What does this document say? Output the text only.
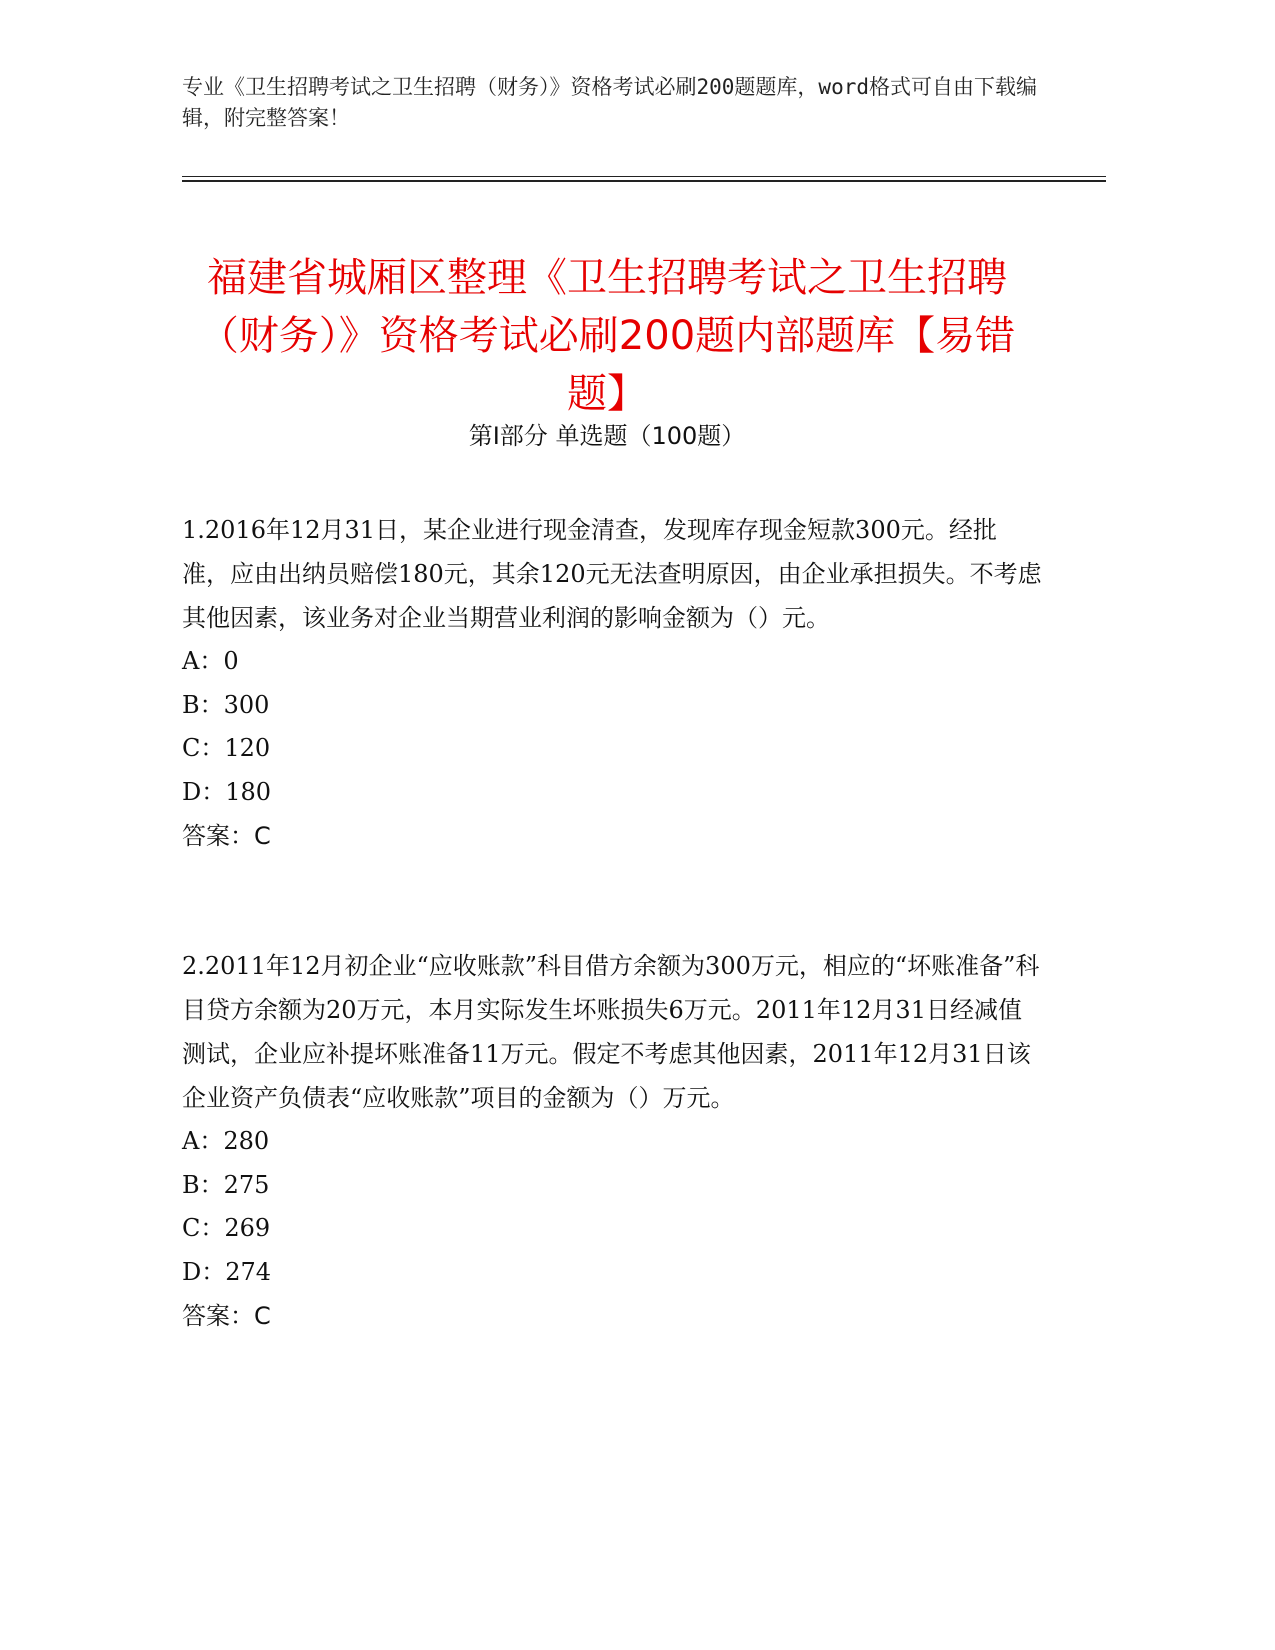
专业《卫生招聘考试之卫生招聘（财务）》资格考试必刷200题题库，word格式可自由下载编辑，附完整答案！
福建省城厢区整理《卫生招聘考试之卫生招聘（财务）》资格考试必刷200题内部题库【易错题】
第I部分 单选题（100题）

1.2016年12月31日，某企业进行现金清查，发现库存现金短款300元。经批准，应由出纳员赔偿180元，其余120元无法查明原因，由企业承担损失。不考虑其他因素，该业务对企业当期营业利润的影响金额为（）元。

A：0
B：300
C：120
D：180
答案：C

2.2011年12月初企业“应收账款”科目借方余额为300万元，相应的“坏账准备”科目贷方余额为20万元，本月实际发生坏账损失6万元。2011年12月31日经减值测试，企业应补提坏账准备11万元。假定不考虑其他因素，2011年12月31日该企业资产负债表“应收账款”项目的金额为（）万元。

A：280
B：275
C：269
D：274
答案：C
